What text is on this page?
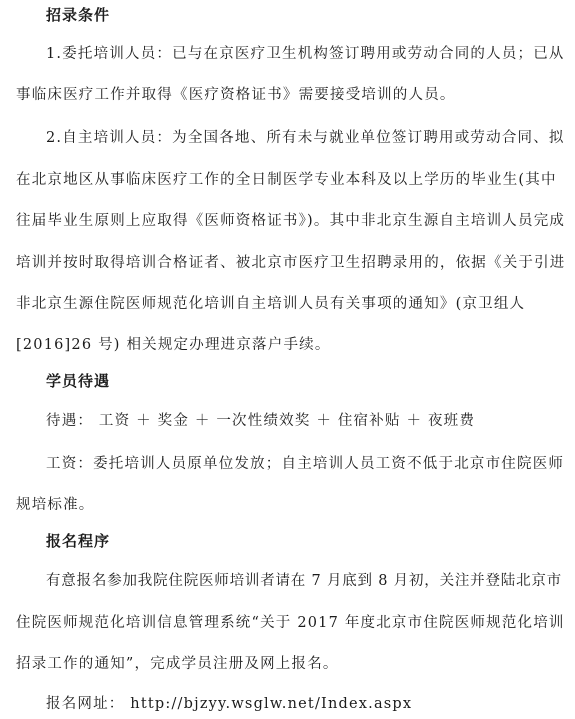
招录条件
1.委托培训人员：已与在京医疗卫生机构签订聘用或劳动合同的人员；已从
事临床医疗工作并取得《医疗资格证书》需要接受培训的人员。
2.自主培训人员：为全国各地、所有未与就业单位签订聘用或劳动合同、拟
在北京地区从事临床医疗工作的全日制医学专业本科及以上学历的毕业生(其中
往届毕业生原则上应取得《医师资格证书》)。其中非北京生源自主培训人员完成
培训并按时取得培训合格证者、被北京市医疗卫生招聘录用的，依据《关于引进
非北京生源住院医师规范化培训自主培训人员有关事项的通知》(京卫组人
[2016]26 号) 相关规定办理进京落户手续。
学员待遇
待遇： 工资 ＋ 奖金 ＋ 一次性绩效奖 ＋ 住宿补贴 ＋ 夜班费
工资：委托培训人员原单位发放；自主培训人员工资不低于北京市住院医师
规培标准。
报名程序
有意报名参加我院住院医师培训者请在 7 月底到 8 月初，关注并登陆北京市
住院医师规范化培训信息管理系统“关于 2017 年度北京市住院医师规范化培训
招录工作的通知”，完成学员注册及网上报名。
报名网址： http://bjzyy.wsglw.net/Index.aspx
